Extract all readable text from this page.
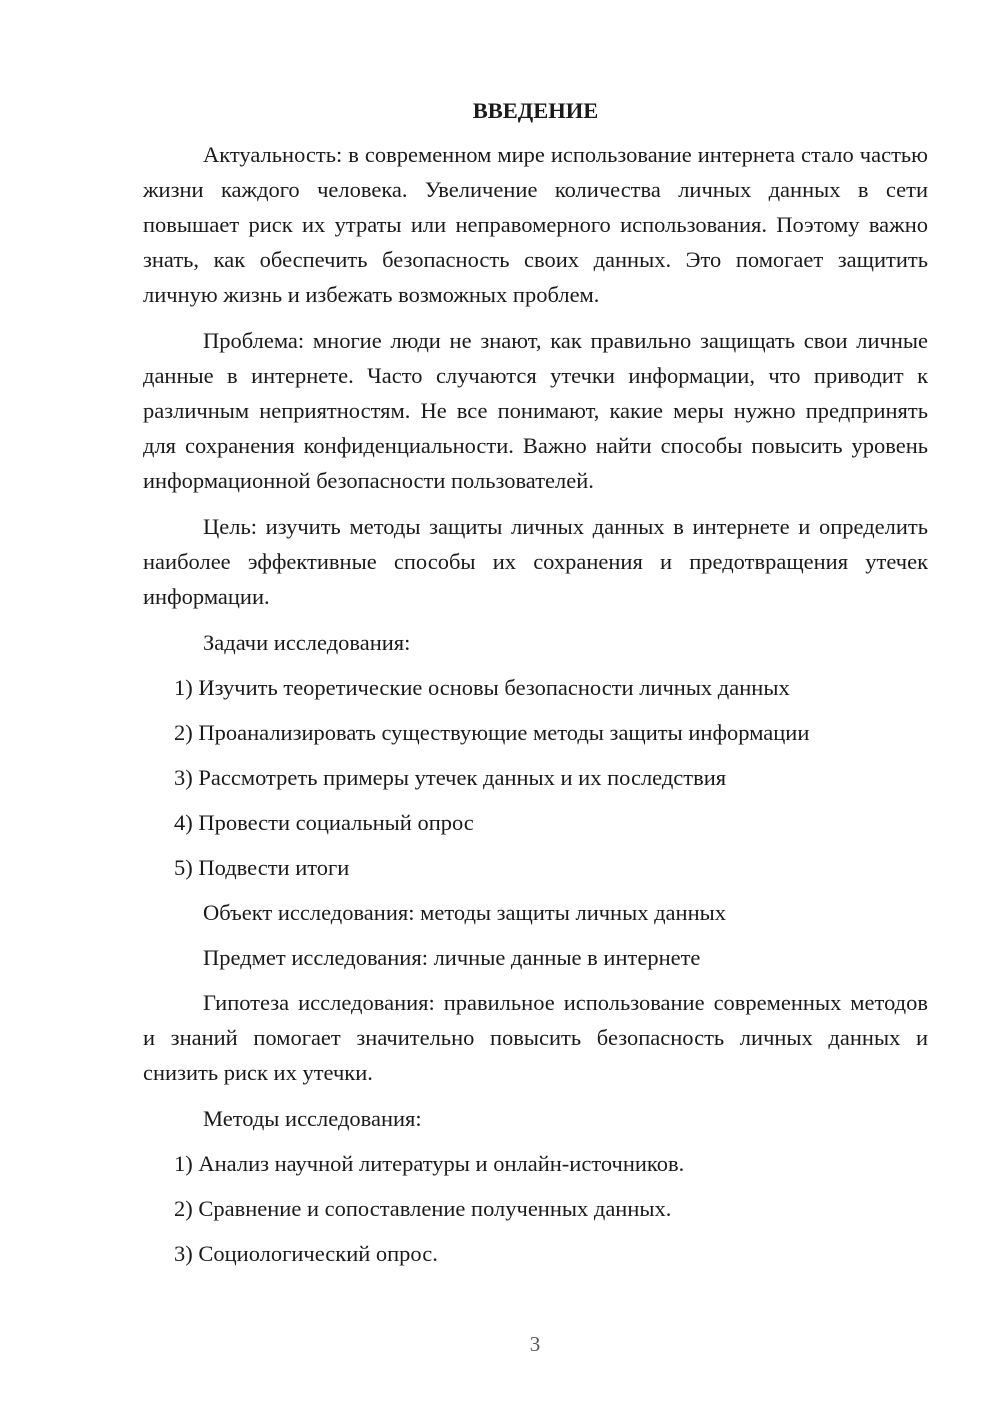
ВВЕДЕНИЕ

Актуальность: в современном мире использование интернета стало частью жизни каждого человека. Увеличение количества личных данных в сети повышает риск их утраты или неправомерного использования. Поэтому важно знать, как обеспечить безопасность своих данных. Это помогает защитить личную жизнь и избежать возможных проблем.

Проблема: многие люди не знают, как правильно защищать свои личные данные в интернете. Часто случаются утечки информации, что приводит к различным неприятностям. Не все понимают, какие меры нужно предпринять для сохранения конфиденциальности. Важно найти способы повысить уровень информационной безопасности пользователей.

Цель: изучить методы защиты личных данных в интернете и определить наиболее эффективные способы их сохранения и предотвращения утечек информации.

Задачи исследования:
1) Изучить теоретические основы безопасности личных данных
2) Проанализировать существующие методы защиты информации
3) Рассмотреть примеры утечек данных и их последствия
4) Провести социальный опрос
5) Подвести итоги
Объект исследования: методы защиты личных данных
Предмет исследования: личные данные в интернете

Гипотеза исследования: правильное использование современных методов и знаний помогает значительно повысить безопасность личных данных и снизить риск их утечки.

Методы исследования:
1) Анализ научной литературы и онлайн-источников.
2) Сравнение и сопоставление полученных данных.
3) Социологический опрос.
3
